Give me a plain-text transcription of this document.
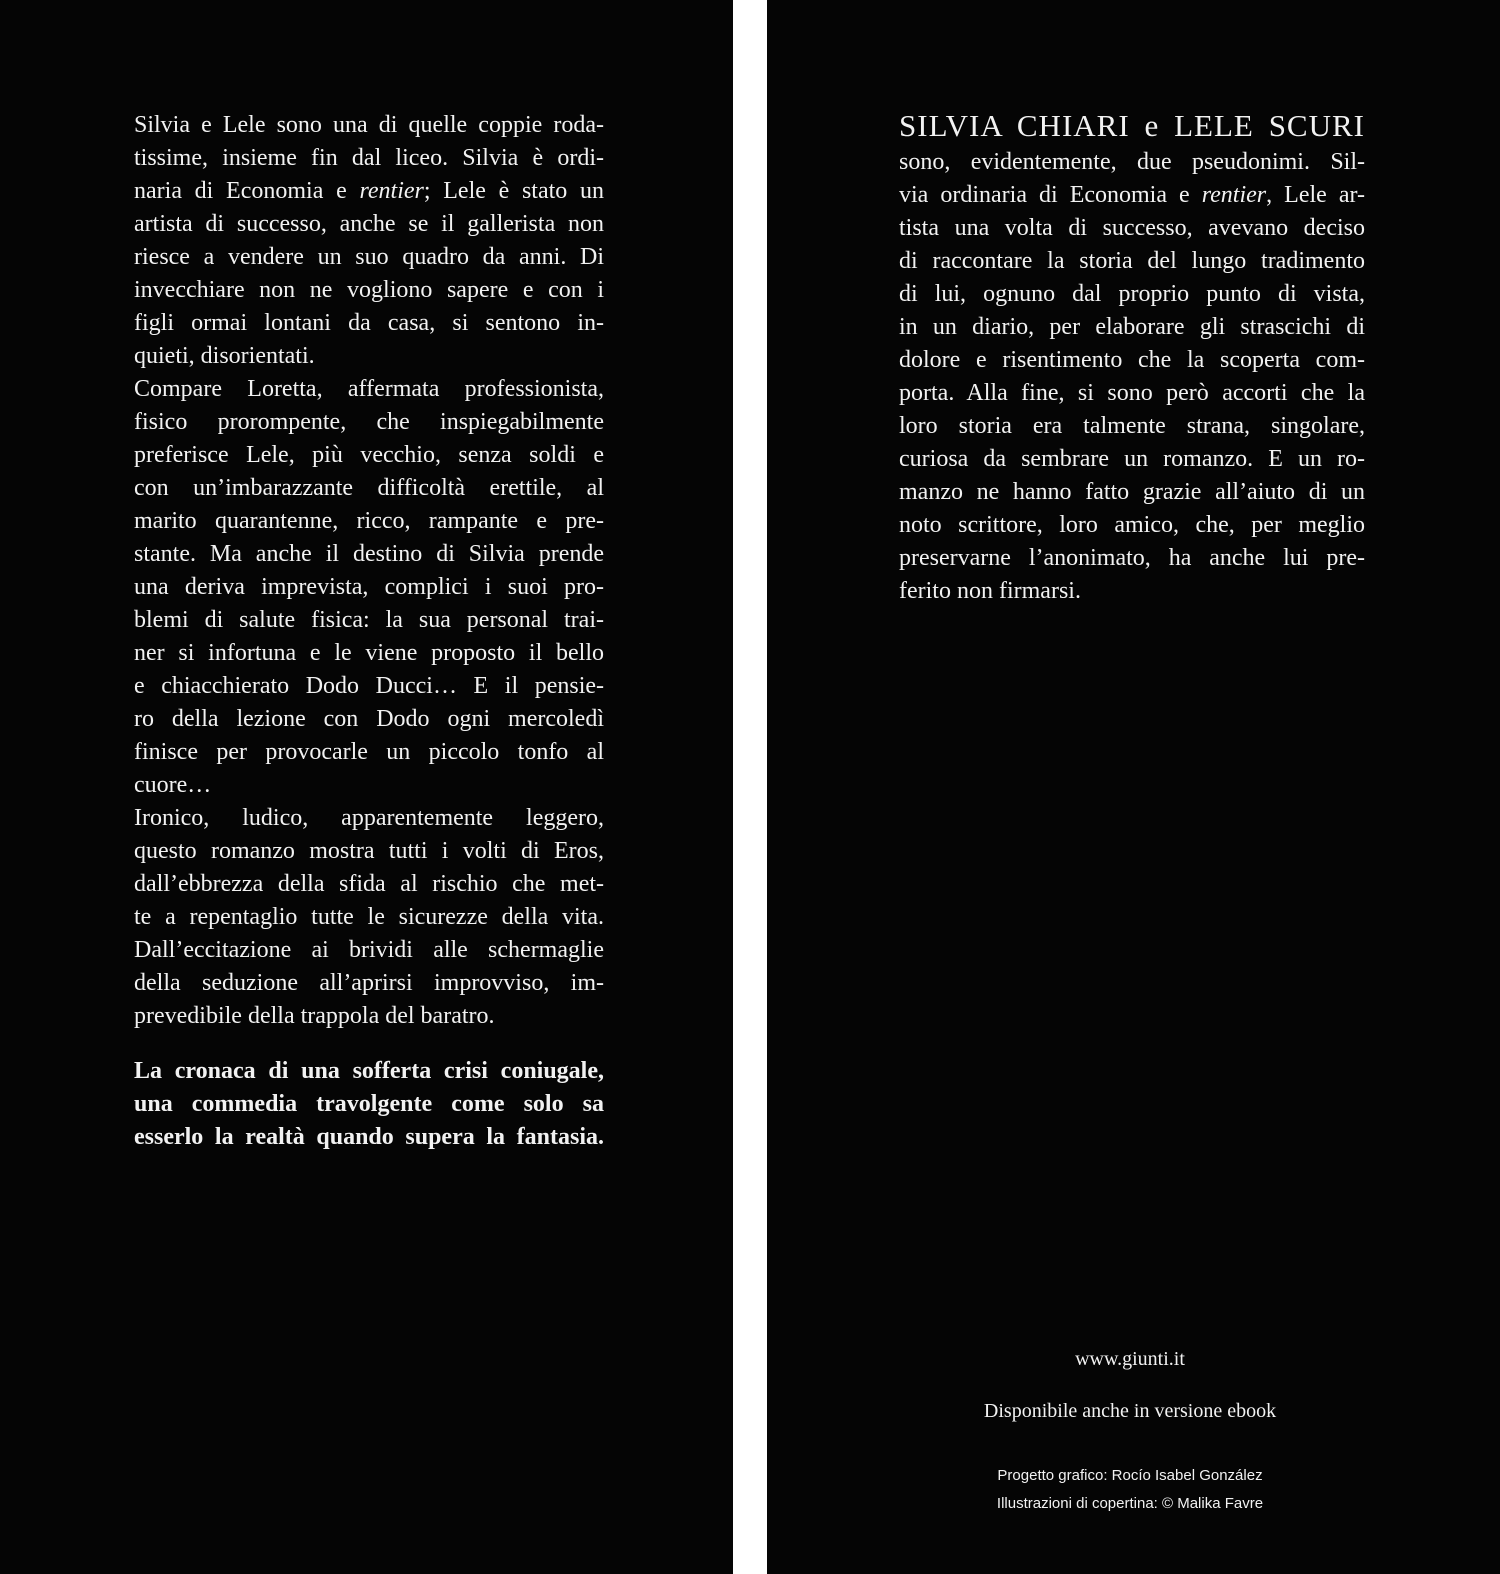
Silvia e Lele sono una di quelle coppie roda-
tissime, insieme fin dal liceo. Silvia è ordi-
naria di Economia e rentier; Lele è stato un
artista di successo, anche se il gallerista non
riesce a vendere un suo quadro da anni. Di
invecchiare non ne vogliono sapere e con i
figli ormai lontani da casa, si sentono in-
quieti, disorientati.
Compare Loretta, affermata professionista,
fisico prorompente, che inspiegabilmente
preferisce Lele, più vecchio, senza soldi e
con un’imbarazzante difficoltà erettile, al
marito quarantenne, ricco, rampante e pre-
stante. Ma anche il destino di Silvia prende
una deriva imprevista, complici i suoi pro-
blemi di salute fisica: la sua personal trai-
ner si infortuna e le viene proposto il bello
e chiacchierato Dodo Ducci… E il pensie-
ro della lezione con Dodo ogni mercoledì
finisce per provocarle un piccolo tonfo al
cuore…
Ironico, ludico, apparentemente leggero,
questo romanzo mostra tutti i volti di Eros,
dall’ebbrezza della sfida al rischio che met-
te a repentaglio tutte le sicurezze della vita.
Dall’eccitazione ai brividi alle schermaglie
della seduzione all’aprirsi improvviso, im-
prevedibile della trappola del baratro.
La cronaca di una sofferta crisi coniugale,
una commedia travolgente come solo sa
esserlo la realtà quando supera la fantasia.
SILVIA CHIARI e LELE SCURI
sono, evidentemente, due pseudonimi. Sil-
via ordinaria di Economia e rentier, Lele ar-
tista una volta di successo, avevano deciso
di raccontare la storia del lungo tradimento
di lui, ognuno dal proprio punto di vista,
in un diario, per elaborare gli strascichi di
dolore e risentimento che la scoperta com-
porta. Alla fine, si sono però accorti che la
loro storia era talmente strana, singolare,
curiosa da sembrare un romanzo. E un ro-
manzo ne hanno fatto grazie all’aiuto di un
noto scrittore, loro amico, che, per meglio
preservarne l’anonimato, ha anche lui pre-
ferito non firmarsi.
www.giunti.it
Disponibile anche in versione ebook
Progetto grafico: Rocío Isabel González
Illustrazioni di copertina: © Malika Favre
